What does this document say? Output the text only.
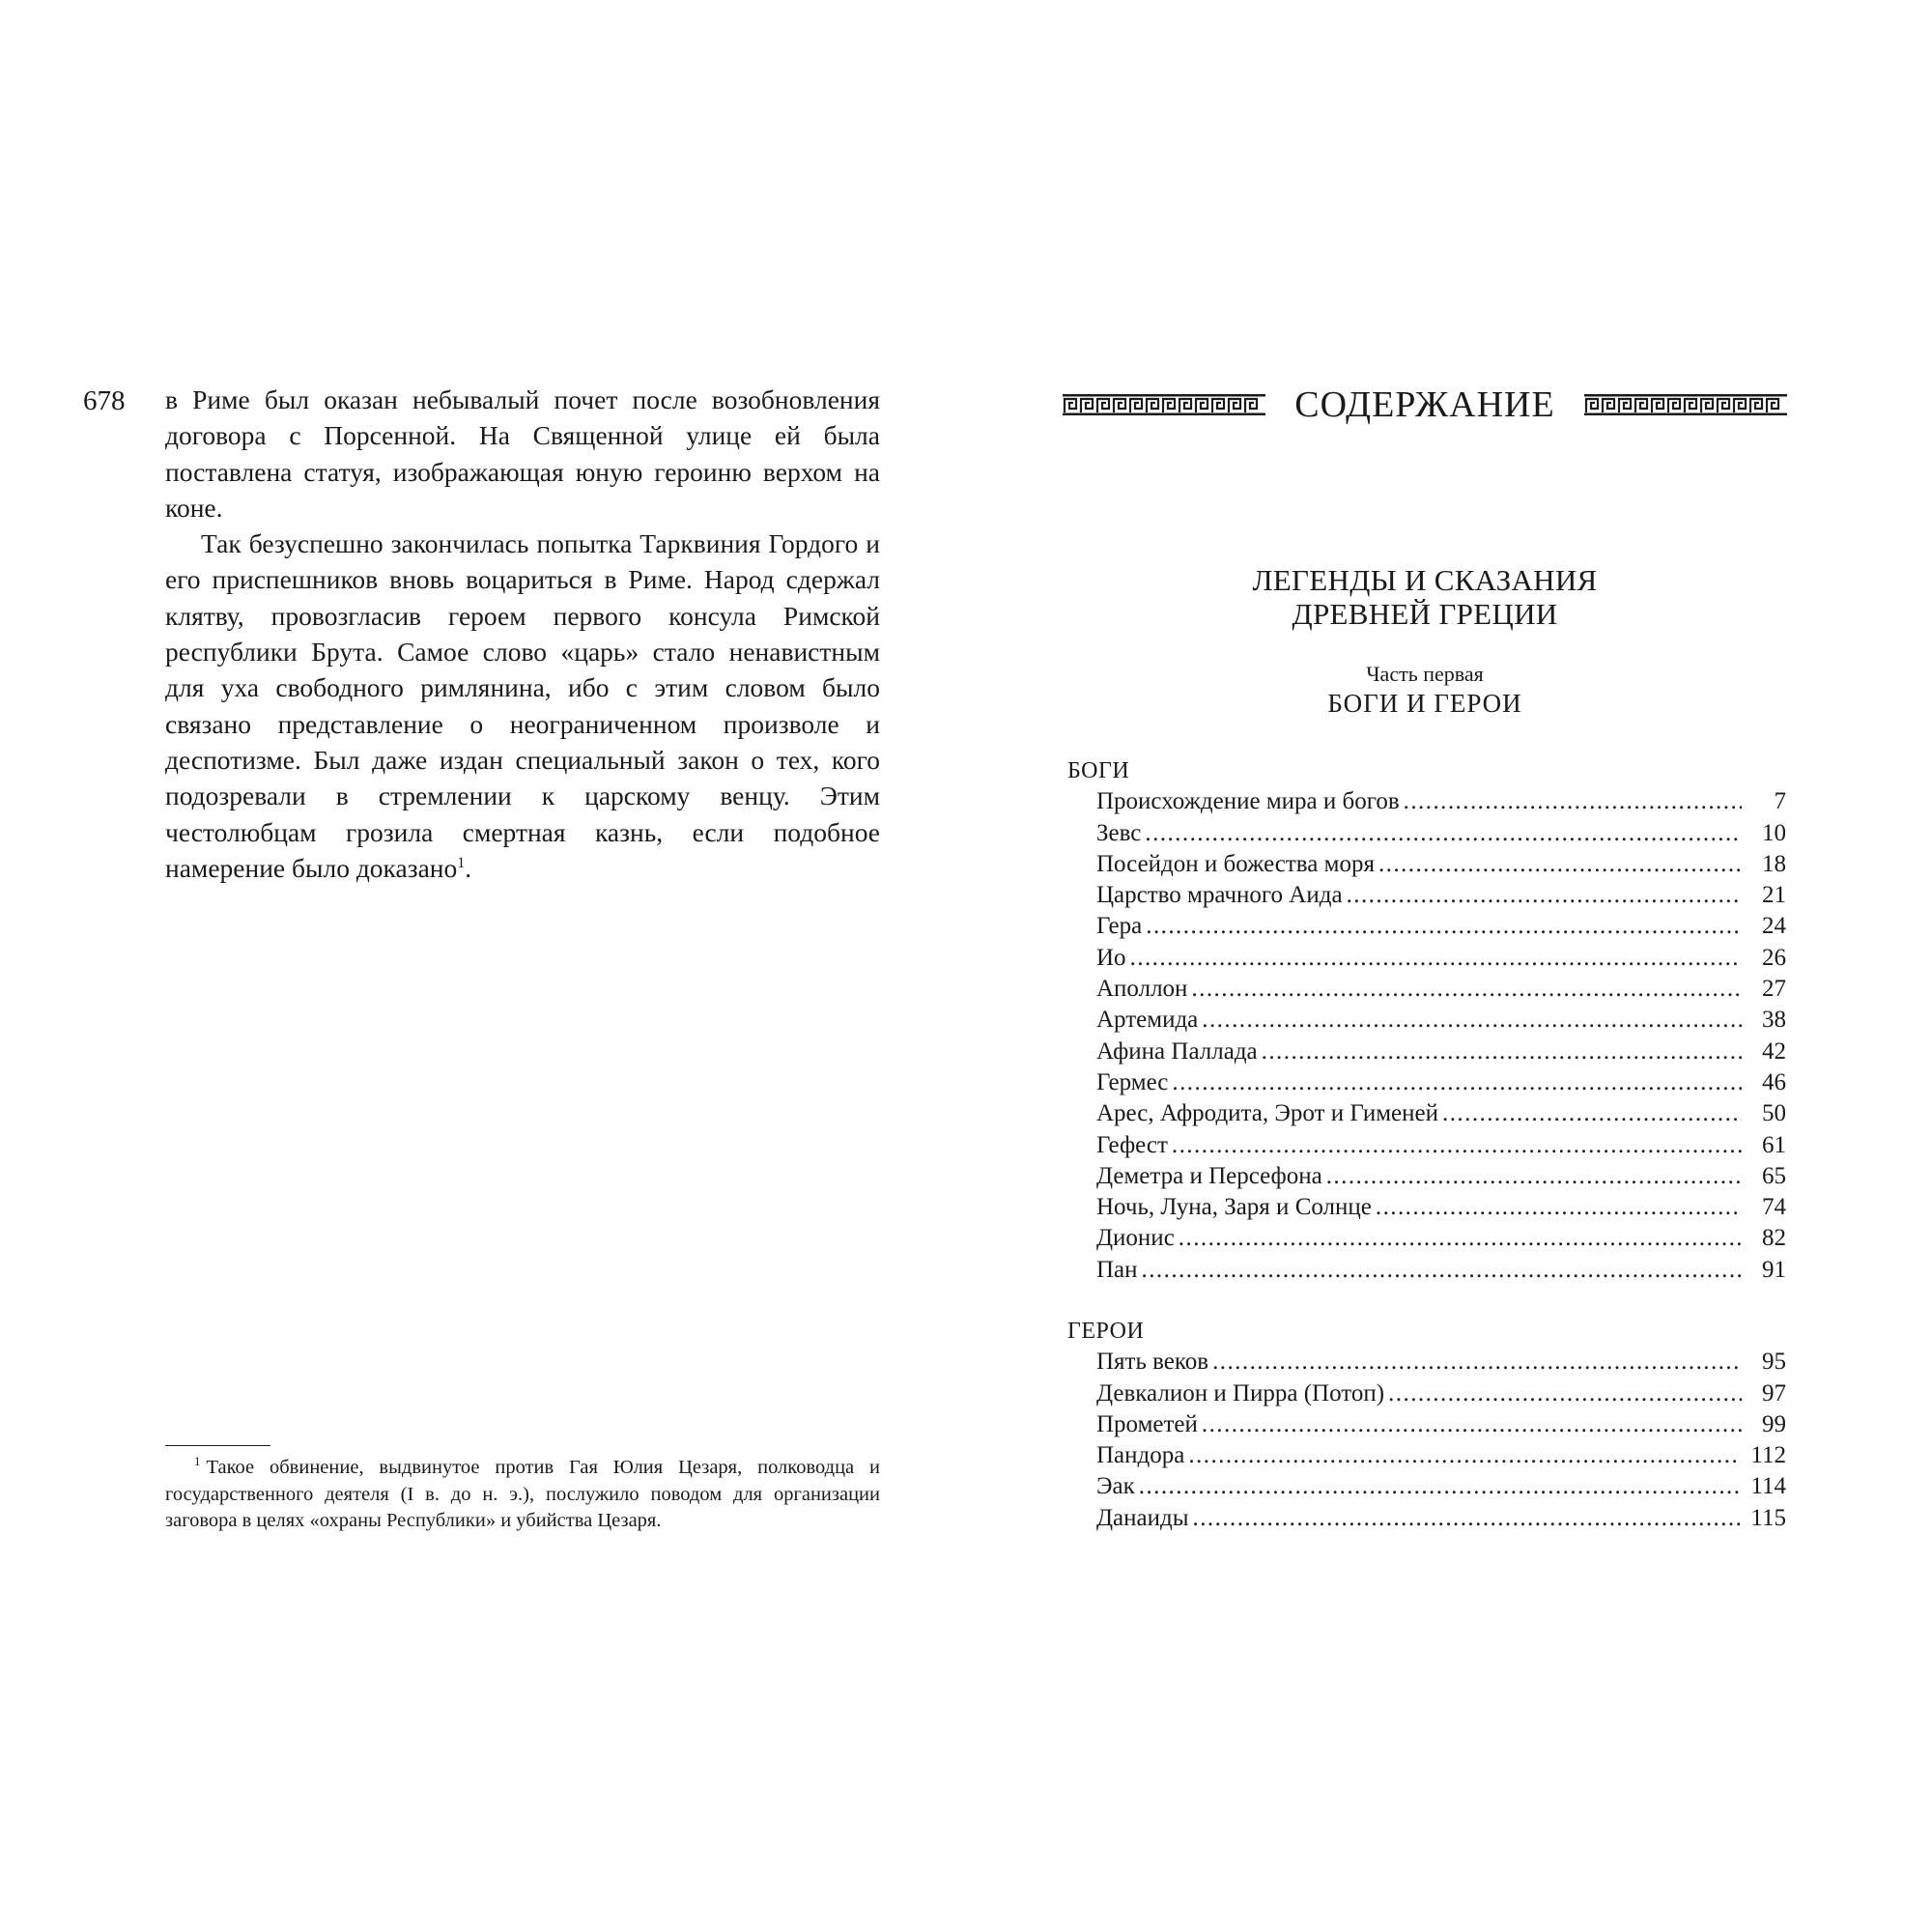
678 в Риме был оказан небывалый почет после возобновления договора с Порсенной. На Священной улице ей была поставлена статуя, изображающая юную героиню верхом на коне.

Так безуспешно закончилась попытка Тарквиния Гордого и его приспешников вновь воцариться в Риме. Народ сдержал клятву, провозгласив героем первого консула Римской республики Брута. Самое слово «царь» стало ненавистным для уха свободного римлянина, ибо с этим словом было связано представление о неограниченном произволе и деспотизме. Был даже издан специальный закон о тех, кого подозревали в стремлении к царскому венцу. Этим честолюбцам грозила смертная казнь, если подобное намерение было доказано$^1$.

$^1$ Такое обвинение, выдвинутое против Гая Юлия Цезаря, полководца и государственного деятеля (I в. до н. э.), послужило поводом для организации заговора в целях «охраны Республики» и убийства Цезаря.

СОДЕРЖАНИЕ
ЛЕГЕНДЫ И СКАЗАНИЯ
ДРЕВНЕЙ ГРЕЦИИ
Часть первая
БОГИ И ГЕРОИ
БОГИ
Происхождение мира и богов . . .	7
Зевс . . .	10
Посейдон и божества моря . . .	18
Царство мрачного Аида . . .	21
Гера . . .	24
Ио . . .	26
Аполлон . . .	27
Артемида . . .	38
Афина Паллада . . .	42
Гермес . . .	46
Арес, Афродита, Эрот и Гименей . . .	50
Гефест . . .	61
Деметра и Персефона . . .	65
Ночь, Луна, Заря и Солнце . . .	74
Дионис . . .	82
Пан . . .	91
ГЕРОИ
Пять веков . . .	95
Девкалион и Пирра (Потоп) . . .	97
Прометей . . .	99
Пандора . . .	112
Эак . . .	114
Данаиды . . .	115
